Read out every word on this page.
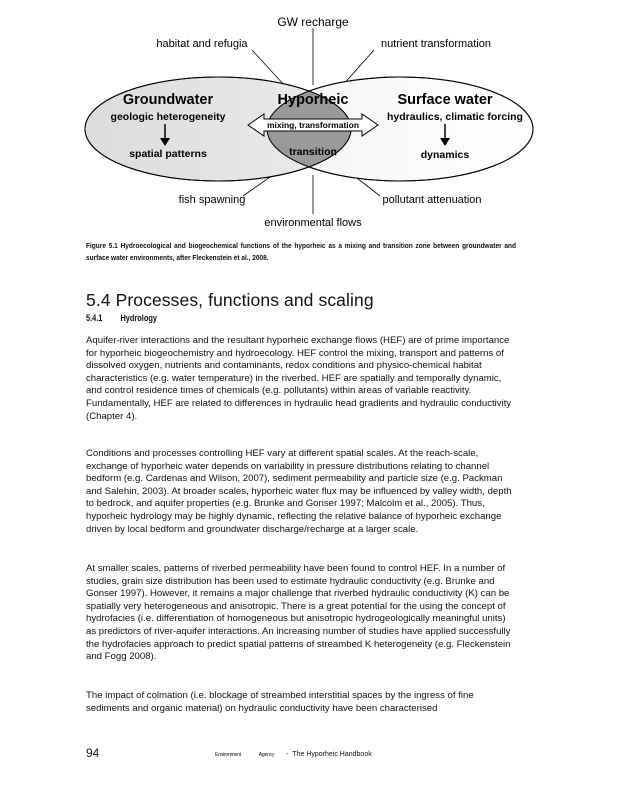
GW recharge
habitat and refugia	nutrient transformation
fish spawning	pollutant attenuation
environmental flows
Groundwater	Hyporheic	Surface water
geologic heterogeneity	hydraulics, climatic forcing
mixing, transformation
spatial patterns	transition	dynamics
Figure 5.1 Hydroecological and biogeochemical functions of the hyporheic as a mixing and transition zone between groundwater and surface water environments, after Fleckenstein et al., 2008.
5.4 Processes, functions and scaling
5.4.1 Hydrology

Aquifer-river interactions and the resultant hyporheic exchange flows (HEF) are of prime importance for hyporheic biogeochemistry and hydroecology. HEF control the mixing, transport and patterns of dissolved oxygen, nutrients and contaminants, redox conditions and physico-chemical habitat characteristics (e.g. water temperature) in the riverbed. HEF are spatially and temporally dynamic, and control residence times of chemicals (e.g. pollutants) within areas of variable reactivity. Fundamentally, HEF are related to differences in hydraulic head gradients and hydraulic conductivity (Chapter 4).

Conditions and processes controlling HEF vary at different spatial scales. At the reach-scale, exchange of hyporheic water depends on variability in pressure distributions relating to channel bedform (e.g. Cardenas and Wilson, 2007), sediment permeability and particle size (e.g. Packman and Salehin, 2003). At broader scales, hyporheic water flux may be influenced by valley width, depth to bedrock, and aquifer properties (e.g. Brunke and Gonser 1997; Malcolm et al., 2005). Thus, hyporheic hydrology may be highly dynamic, reflecting the relative balance of hyporheic exchange driven by local bedform and groundwater discharge/recharge at a larger scale.

At smaller scales, patterns of riverbed permeability have been found to control HEF. In a number of studies, grain size distribution has been used to estimate hydraulic conductivity (e.g. Brunke and Gonser 1997). However, it remains a major challenge that riverbed hydraulic conductivity (K) can be spatially very heterogeneous and anisotropic. There is a great potential for the using the concept of hydrofacies (i.e. differentiation of homogeneous but anisotropic hydrogeologically meaningful units) as predictors of river-aquifer interactions. An increasing number of studies have applied successfully the hydrofacies approach to predict spatial patterns of streambed K heterogeneity (e.g. Fleckenstein and Fogg 2008).

The impact of colmation (i.e. blockage of streambed interstitial spaces by the ingress of fine sediments and organic material) on hydraulic conductivity have been characterised

94	Environment	Agency -  The Hyporheic Handbook
